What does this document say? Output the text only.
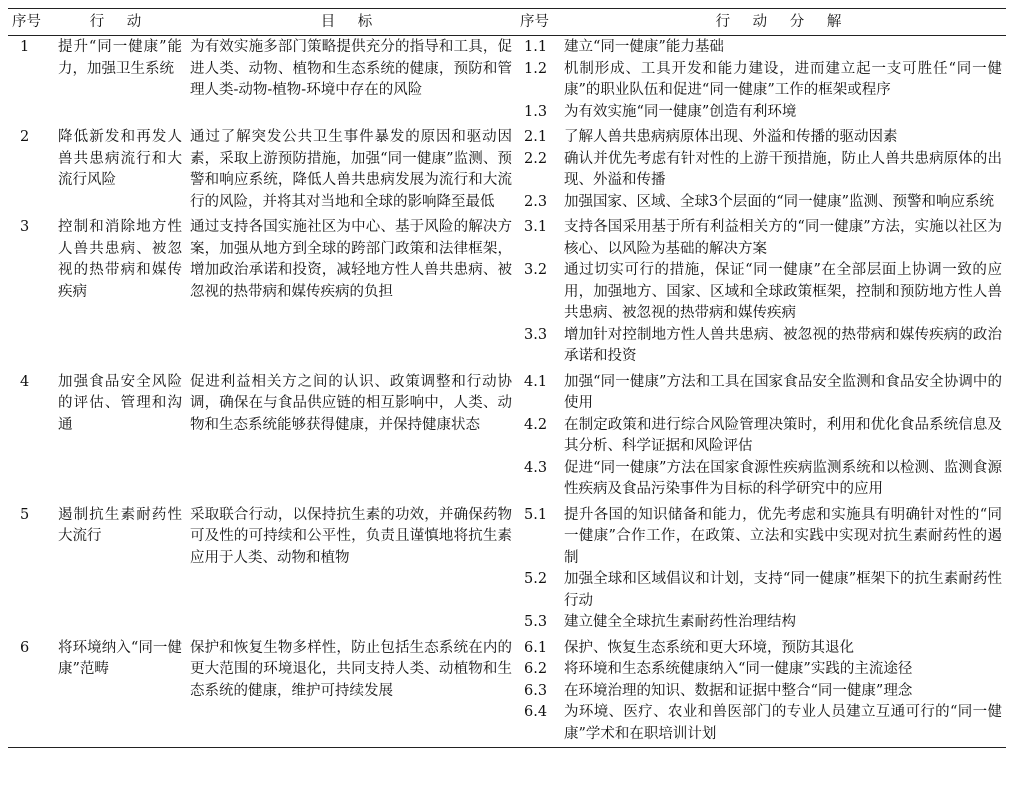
序号	行 动	目 标	序号	行 动 分 解
1	提升“同一健康”能力，加强卫生系统	为有效实施多部门策略提供充分的指导和工具，促进人类、动物、植物和生态系统的健康，预防和管理人类-动物-植物-环境中存在的风险	1.1	建立“同一健康”能力基础
			1.2	机制形成、工具开发和能力建设，进而建立起一支可胜任“同一健康”的职业队伍和促进“同一健康”工作的框架或程序
			1.3	为有效实施“同一健康”创造有利环境
2	降低新发和再发人兽共患病流行和大流行风险	通过了解突发公共卫生事件暴发的原因和驱动因素，采取上游预防措施，加强“同一健康”监测、预警和响应系统，降低人兽共患病发展为流行和大流行的风险，并将其对当地和全球的影响降至最低	2.1	了解人兽共患病病原体出现、外溢和传播的驱动因素
			2.2	确认并优先考虑有针对性的上游干预措施，防止人兽共患病原体的出现、外溢和传播
			2.3	加强国家、区域、全球3个层面的“同一健康”监测、预警和响应系统
3	控制和消除地方性人兽共患病、被忽视的热带病和媒传疾病	通过支持各国实施社区为中心、基于风险的解决方案，加强从地方到全球的跨部门政策和法律框架，增加政治承诺和投资，减轻地方性人兽共患病、被忽视的热带病和媒传疾病的负担	3.1	支持各国采用基于所有利益相关方的“同一健康”方法，实施以社区为核心、以风险为基础的解决方案
			3.2	通过切实可行的措施，保证“同一健康”在全部层面上协调一致的应用，加强地方、国家、区域和全球政策框架，控制和预防地方性人兽共患病、被忽视的热带病和媒传疾病
			3.3	增加针对控制地方性人兽共患病、被忽视的热带病和媒传疾病的政治承诺和投资
4	加强食品安全风险的评估、管理和沟通	促进利益相关方之间的认识、政策调整和行动协调，确保在与食品供应链的相互影响中，人类、动物和生态系统能够获得健康，并保持健康状态	4.1	加强“同一健康”方法和工具在国家食品安全监测和食品安全协调中的使用
			4.2	在制定政策和进行综合风险管理决策时，利用和优化食品系统信息及其分析、科学证据和风险评估
			4.3	促进“同一健康”方法在国家食源性疾病监测系统和以检测、监测食源性疾病及食品污染事件为目标的科学研究中的应用
5	遏制抗生素耐药性大流行	采取联合行动，以保持抗生素的功效，并确保药物可及性的可持续和公平性，负责且谨慎地将抗生素应用于人类、动物和植物	5.1	提升各国的知识储备和能力，优先考虑和实施具有明确针对性的“同一健康”合作工作，在政策、立法和实践中实现对抗生素耐药性的遏制
			5.2	加强全球和区域倡议和计划，支持“同一健康”框架下的抗生素耐药性行动
			5.3	建立健全全球抗生素耐药性治理结构
6	将环境纳入“同一健康”范畴	保护和恢复生物多样性，防止包括生态系统在内的更大范围的环境退化，共同支持人类、动植物和生态系统的健康，维护可持续发展	6.1	保护、恢复生态系统和更大环境，预防其退化
			6.2	将环境和生态系统健康纳入“同一健康”实践的主流途径
			6.3	在环境治理的知识、数据和证据中整合“同一健康”理念
			6.4	为环境、医疗、农业和兽医部门的专业人员建立互通可行的“同一健康”学术和在职培训计划
